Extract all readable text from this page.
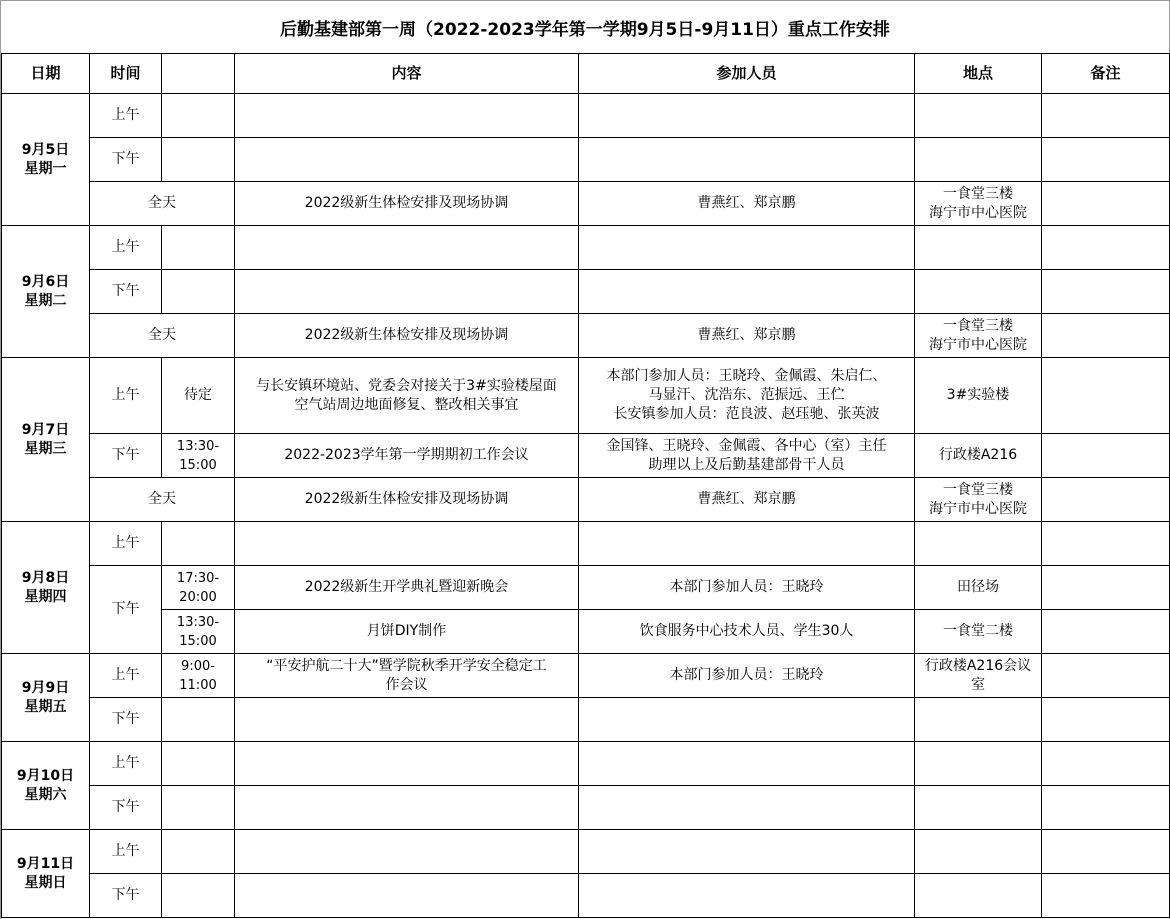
后勤基建部第一周（2022-2023学年第一学期9月5日-9月11日）重点工作安排
日期	时间		内容	参加人员	地点	备注
9月5日
星期一	上午					
	下午					
	全天		2022级新生体检安排及现场协调	曹燕红、郑京鹏	一食堂三楼
海宁市中心医院	
9月6日
星期二	上午					
	下午					
	全天		2022级新生体检安排及现场协调	曹燕红、郑京鹏	一食堂三楼
海宁市中心医院	
9月7日
星期三	上午	待定	与长安镇环境站、党委会对接关于3#实验楼屋面
空气站周边地面修复、整改相关事宜	本部门参加人员：王晓玲、金佩霞、朱启仁、
马显汗、沈浩东、范振远、王伫
长安镇参加人员：范良波、赵珏驰、张英波	3#实验楼	
	下午	13:30-
15:00	2022-2023学年第一学期期初工作会议	金国锋、王晓玲、金佩霞、各中心（室）主任
助理以上及后勤基建部骨干人员	行政楼A216	
	全天		2022级新生体检安排及现场协调	曹燕红、郑京鹏	一食堂三楼
海宁市中心医院	
9月8日
星期四	上午					
	下午	17:30-
20:00	2022级新生开学典礼暨迎新晚会	本部门参加人员：王晓玲	田径场	
		13:30-
15:00	月饼DIY制作	饮食服务中心技术人员、学生30人	一食堂二楼	
9月9日
星期五	上午	9:00-
11:00	“平安护航二十大”暨学院秋季开学安全稳定工
作会议	本部门参加人员：王晓玲	行政楼A216会议
室	
	下午					
9月10日
星期六	上午					
	下午					
9月11日
星期日	上午					
	下午					
